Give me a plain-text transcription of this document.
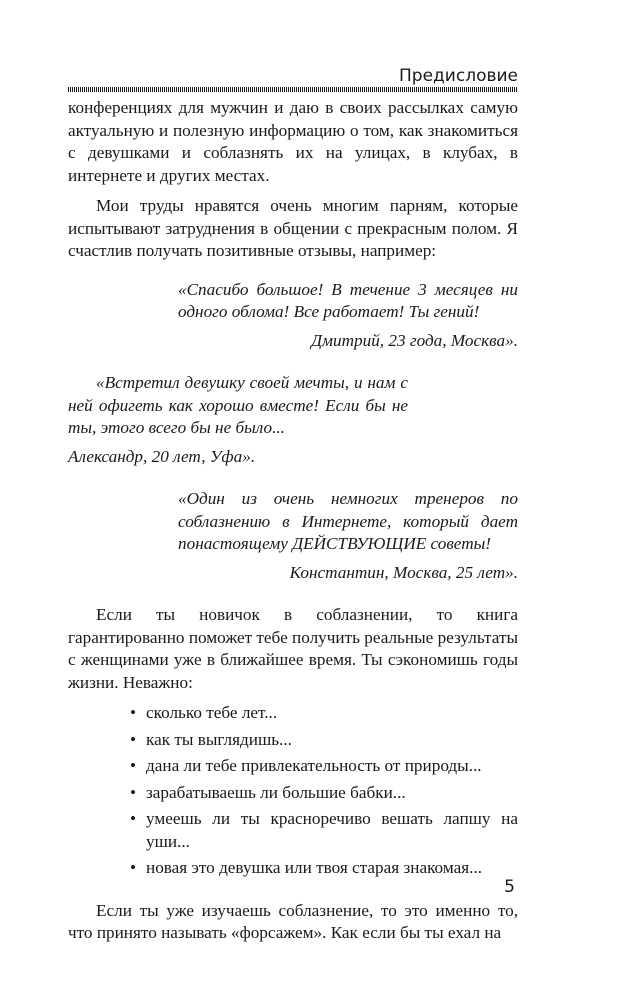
Предисловие

конференциях для мужчин и даю в своих рассылках самую актуальную и полезную информацию о том, как знакомиться с девушками и соблазнять их на улицах, в клубах, в интернете и других местах.

Мои труды нравятся очень многим парням, которые испытывают затруднения в общении с прекрасным полом. Я счастлив получать позитивные отзывы, например:

«Спасибо большое! В течение 3 месяцев ни одного облома! Все работает! Ты гений!

Дмитрий, 23 года, Москва».

«Встретил девушку своей мечты, и нам с ней офигеть как хорошо вместе! Если бы не ты, этого всего бы не было...

Александр, 20 лет, Уфа».

«Один из очень немногих тренеров по соблазнению в Интернете, который дает понастоящему ДЕЙСТВУЮЩИЕ советы!

Константин, Москва, 25 лет».

Если ты новичок в соблазнении, то книга гарантированно поможет тебе получить реальные результаты с женщинами уже в ближайшее время. Ты сэкономишь годы жизни. Неважно:

• сколько тебе лет...
• как ты выглядишь...
• дана ли тебе привлекательность от природы...
• зарабатываешь ли большие бабки...
• умеешь ли ты красноречиво вешать лапшу на уши...
• новая это девушка или твоя старая знакомая...

Если ты уже изучаешь соблазнение, то это именно то, что принято называть «форсажем». Как если бы ты ехал на

5
